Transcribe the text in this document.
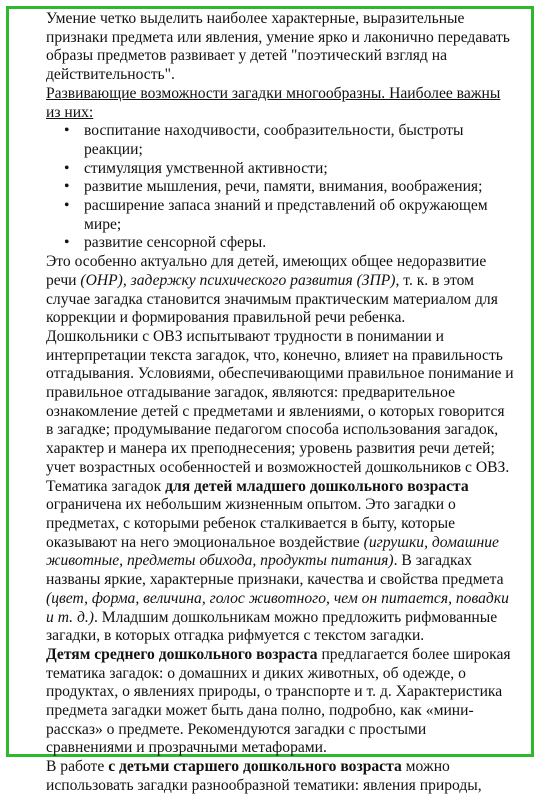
Умение четко выделить наиболее характерные, выразительные признаки предмета или явления, умение ярко и лаконично передавать образы предметов развивает у детей "поэтический взгляд на действительность".

Развивающие возможности загадки многообразны. Наиболее важны из них:

• воспитание находчивости, сообразительности, быстроты реакции;
• стимуляция умственной активности;
• развитие мышления, речи, памяти, внимания, воображения;
• расширение запаса знаний и представлений об окружающем мире;
• развитие сенсорной сферы.

Это особенно актуально для детей, имеющих общее недоразвитие речи (ОНР), задержку психического развития (ЗПР), т. к. в этом случае загадка становится значимым практическим материалом для коррекции и формирования правильной речи ребенка.

Дошкольники с ОВЗ испытывают трудности в понимании и интерпретации текста загадок, что, конечно, влияет на правильность отгадывания. Условиями, обеспечивающими правильное понимание и правильное отгадывание загадок, являются: предварительное ознакомление детей с предметами и явлениями, о которых говорится в загадке; продумывание педагогом способа использования загадок, характер и манера их преподнесения; уровень развития речи детей; учет возрастных особенностей и возможностей дошкольников с ОВЗ.

Тематика загадок для детей младшего дошкольного возраста ограничена их небольшим жизненным опытом. Это загадки о предметах, с которыми ребенок сталкивается в быту, которые оказывают на него эмоциональное воздействие (игрушки, домашние животные, предметы обихода, продукты питания). В загадках названы яркие, характерные признаки, качества и свойства предмета (цвет, форма, величина, голос животного, чем он питается, повадки и т. д.). Младшим дошкольникам можно предложить рифмованные загадки, в которых отгадка рифмуется с текстом загадки.

Детям среднего дошкольного возраста предлагается более широкая тематика загадок: о домашних и диких животных, об одежде, о продуктах, о явлениях природы, о транспорте и т. д. Характеристика предмета загадки может быть дана полно, подробно, как «мини-рассказ» о предмете. Рекомендуются загадки с простыми сравнениями и прозрачными метафорами.

В работе с детьми старшего дошкольного возраста можно использовать загадки разнообразной тематики: явления природы,
